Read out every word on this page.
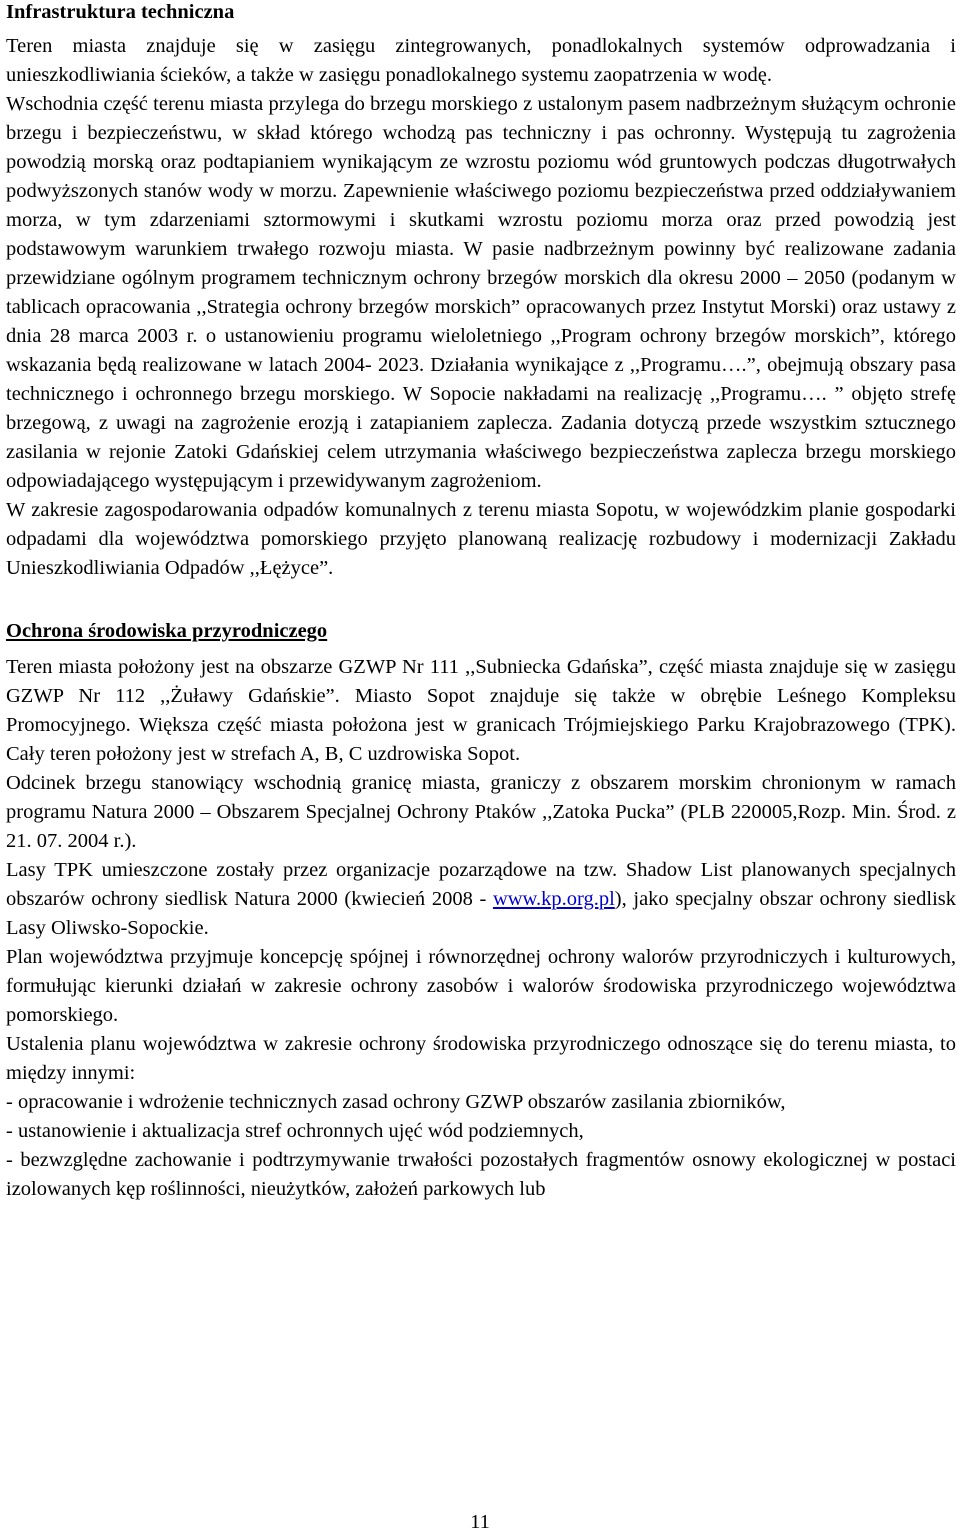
Infrastruktura techniczna

Teren miasta znajduje się w zasięgu zintegrowanych, ponadlokalnych systemów odprowadzania i unieszkodliwiania ścieków, a także w zasięgu ponadlokalnego systemu zaopatrzenia w wodę.

Wschodnia część terenu miasta przylega do brzegu morskiego z ustalonym pasem nadbrzeżnym służącym ochronie brzegu i bezpieczeństwu, w skład którego wchodzą pas techniczny i pas ochronny. Występują tu zagrożenia powodzią morską oraz podtapianiem wynikającym ze wzrostu poziomu wód gruntowych podczas długotrwałych podwyższonych stanów wody w morzu. Zapewnienie właściwego poziomu bezpieczeństwa przed oddziaływaniem morza, w tym zdarzeniami sztormowymi i skutkami wzrostu poziomu morza oraz przed powodzią jest podstawowym warunkiem trwałego rozwoju miasta. W pasie nadbrzeżnym powinny być realizowane zadania przewidziane ogólnym programem technicznym ochrony brzegów morskich dla okresu 2000 – 2050 (podanym w tablicach opracowania ,,Strategia ochrony brzegów morskich” opracowanych przez Instytut Morski) oraz ustawy z dnia 28 marca 2003 r. o ustanowieniu programu wieloletniego ,,Program ochrony brzegów morskich”, którego wskazania będą realizowane w latach 2004- 2023. Działania wynikające z ,,Programu….”, obejmują obszary pasa technicznego i ochronnego brzegu morskiego. W Sopocie nakładami na realizację ,,Programu…. ” objęto strefę brzegową, z uwagi na zagrożenie erozją i zatapianiem zaplecza. Zadania dotyczą przede wszystkim sztucznego zasilania w rejonie Zatoki Gdańskiej celem utrzymania właściwego bezpieczeństwa zaplecza brzegu morskiego odpowiadającego występującym i przewidywanym zagrożeniom.

W zakresie zagospodarowania odpadów komunalnych z terenu miasta Sopotu, w wojewódzkim planie gospodarki odpadami dla województwa pomorskiego przyjęto planowaną realizację rozbudowy i modernizacji Zakładu Unieszkodliwiania Odpadów ,,Łężyce”.

Ochrona środowiska przyrodniczego

Teren miasta położony jest na obszarze GZWP Nr 111 ,,Subniecka Gdańska”, część miasta znajduje się w zasięgu GZWP Nr 112 ,,Żuławy Gdańskie”. Miasto Sopot znajduje się także w obrębie Leśnego Kompleksu Promocyjnego. Większa część miasta położona jest w granicach Trójmiejskiego Parku Krajobrazowego (TPK). Cały teren położony jest w strefach A, B, C uzdrowiska Sopot.

Odcinek brzegu stanowiący wschodnią granicę miasta, graniczy z obszarem morskim chronionym w ramach programu Natura 2000 – Obszarem Specjalnej Ochrony Ptaków ,,Zatoka Pucka” (PLB 220005,Rozp. Min. Środ. z 21. 07. 2004 r.).

Lasy TPK umieszczone zostały przez organizacje pozarządowe na tzw. Shadow List planowanych specjalnych obszarów ochrony siedlisk Natura 2000 (kwiecień 2008 - www.kp.org.pl), jako specjalny obszar ochrony siedlisk Lasy Oliwsko-Sopockie.

Plan województwa przyjmuje koncepcję spójnej i równorzędnej ochrony walorów przyrodniczych i kulturowych, formułując kierunki działań w zakresie ochrony zasobów i walorów środowiska przyrodniczego województwa pomorskiego.

Ustalenia planu województwa w zakresie ochrony środowiska przyrodniczego odnoszące się do terenu miasta, to między innymi:

- opracowanie i wdrożenie technicznych zasad ochrony GZWP obszarów zasilania zbiorników,

- ustanowienie i aktualizacja stref ochronnych ujęć wód podziemnych,

- bezwzględne zachowanie i podtrzymywanie trwałości pozostałych fragmentów osnowy ekologicznej w postaci izolowanych kęp roślinności, nieużytków, założeń parkowych lub

11
